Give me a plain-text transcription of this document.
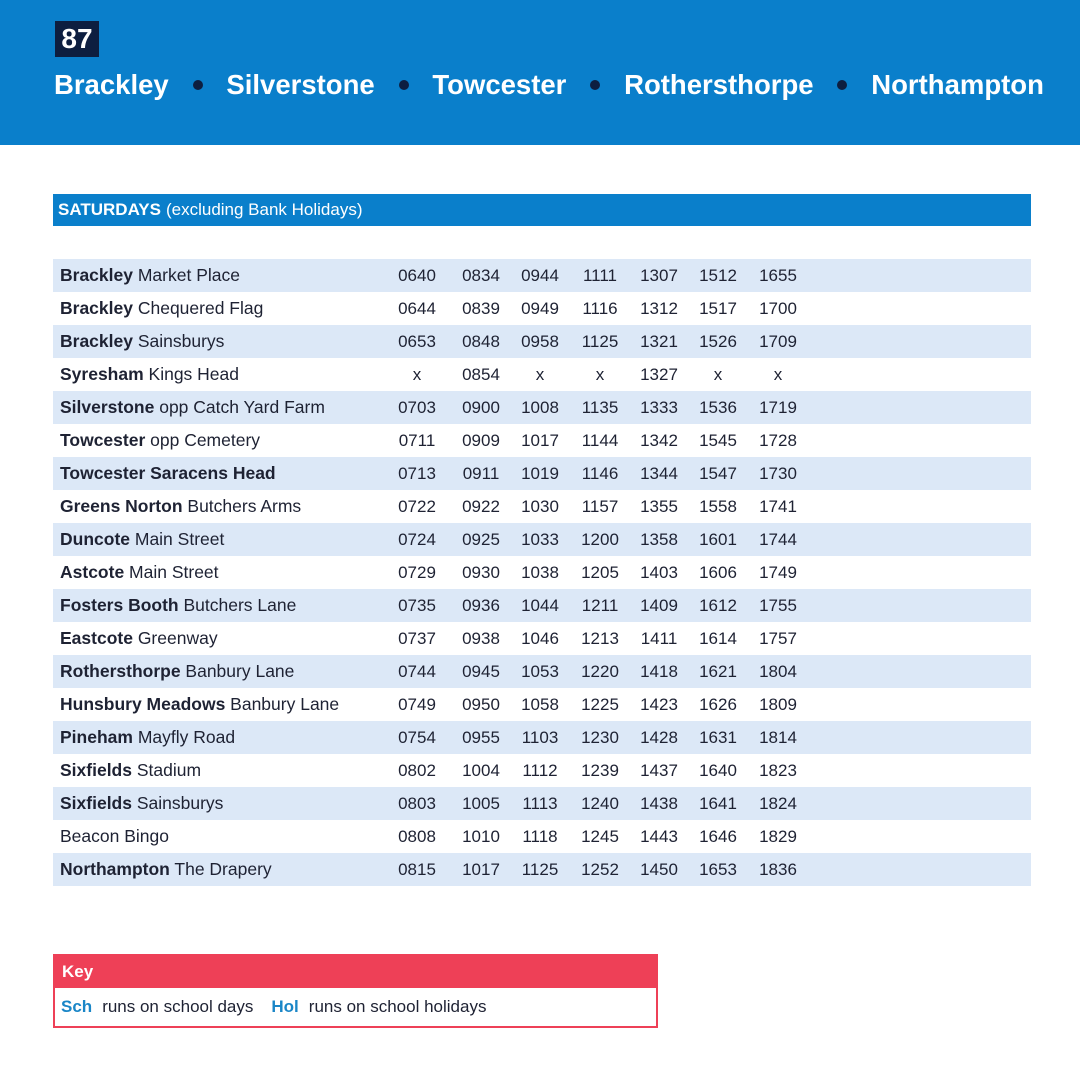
87
Brackley Silverstone Towcester Rothersthorpe Northampton
SATURDAYS (excluding Bank Holidays)
Brackley Market Place	0640	0834	0944	1111	1307	1512	1655
Brackley Chequered Flag	0644	0839	0949	1116	1312	1517	1700
Brackley Sainsburys	0653	0848	0958	1125	1321	1526	1709
Syresham Kings Head	x	0854	x	x	1327	x	x
Silverstone opp Catch Yard Farm	0703	0900	1008	1135	1333	1536	1719
Towcester opp Cemetery	0711	0909	1017	1144	1342	1545	1728
Towcester Saracens Head	0713	0911	1019	1146	1344	1547	1730
Greens Norton Butchers Arms	0722	0922	1030	1157	1355	1558	1741
Duncote Main Street	0724	0925	1033	1200	1358	1601	1744
Astcote Main Street	0729	0930	1038	1205	1403	1606	1749
Fosters Booth Butchers Lane	0735	0936	1044	1211	1409	1612	1755
Eastcote Greenway	0737	0938	1046	1213	1411	1614	1757
Rothersthorpe Banbury Lane	0744	0945	1053	1220	1418	1621	1804
Hunsbury Meadows Banbury Lane	0749	0950	1058	1225	1423	1626	1809
Pineham Mayfly Road	0754	0955	1103	1230	1428	1631	1814
Sixfields Stadium	0802	1004	1112	1239	1437	1640	1823
Sixfields Sainsburys	0803	1005	1113	1240	1438	1641	1824
Beacon Bingo	0808	1010	1118	1245	1443	1646	1829
Northampton The Drapery	0815	1017	1125	1252	1450	1653	1836
Key
Sch runs on school days Hol runs on school holidays
